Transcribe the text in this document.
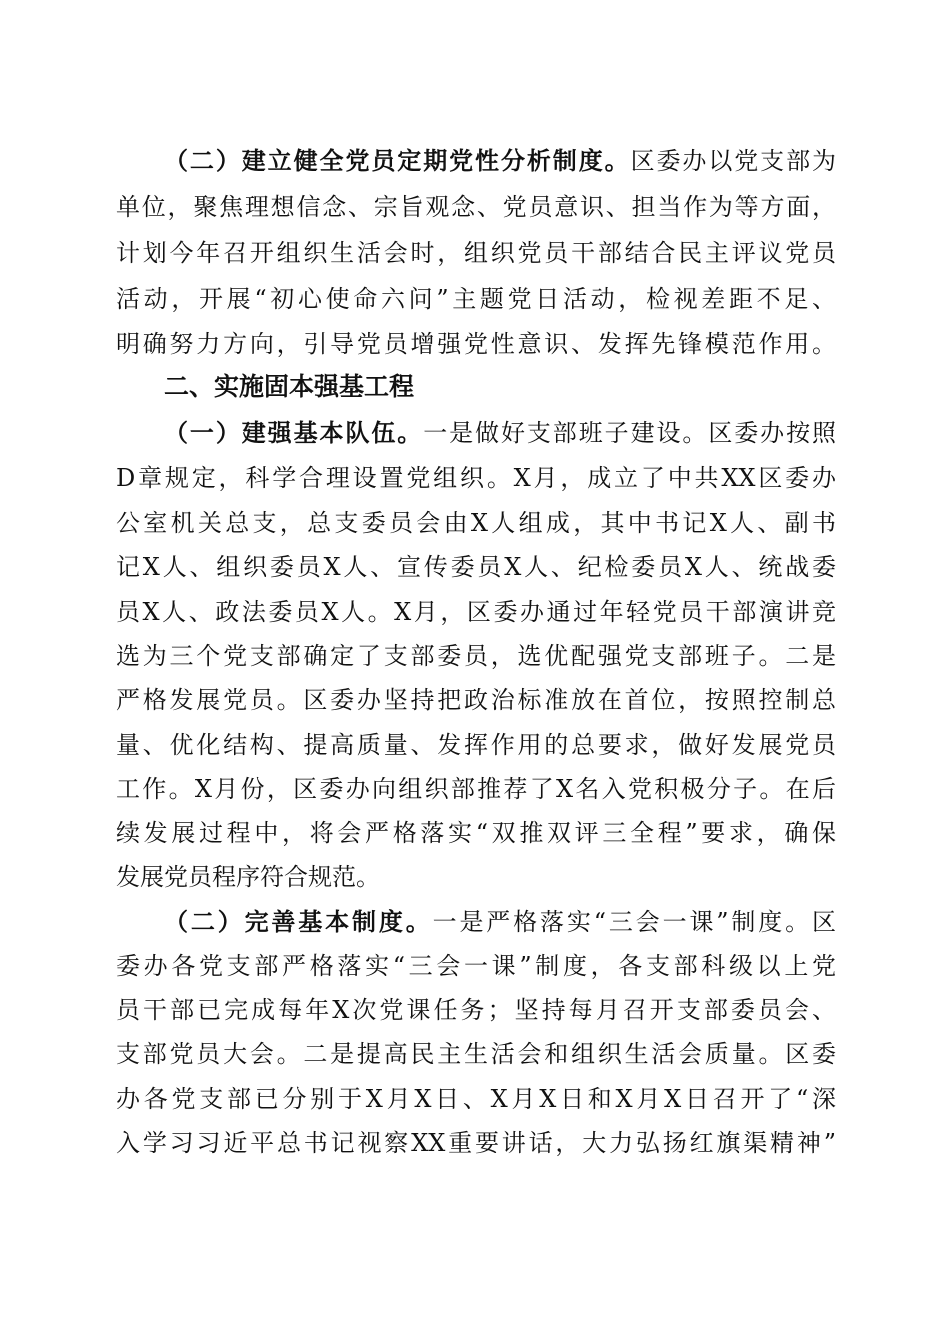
（二）建立健全党员定期党性分析制度。区委办以党支部为
单位，聚焦理想信念、宗旨观念、党员意识、担当作为等方面，
计划今年召开组织生活会时，组织党员干部结合民主评议党员
活动，开展“初心使命六问”主题党日活动，检视差距不足、
明确努力方向，引导党员增强党性意识、发挥先锋模范作用。
二、实施固本强基工程
（一）建强基本队伍。一是做好支部班子建设。区委办按照
D章规定，科学合理设置党组织。X月，成立了中共XX区委办
公室机关总支，总支委员会由X人组成，其中书记X人、副书
记X人、组织委员X人、宣传委员X人、纪检委员X人、统战委
员X人、政法委员X人。X月，区委办通过年轻党员干部演讲竞
选为三个党支部确定了支部委员，选优配强党支部班子。二是
严格发展党员。区委办坚持把政治标准放在首位，按照控制总
量、优化结构、提高质量、发挥作用的总要求，做好发展党员
工作。X月份，区委办向组织部推荐了X名入党积极分子。在后
续发展过程中，将会严格落实“双推双评三全程”要求，确保
发展党员程序符合规范。
（二）完善基本制度。一是严格落实“三会一课”制度。区
委办各党支部严格落实“三会一课”制度，各支部科级以上党
员干部已完成每年X次党课任务；坚持每月召开支部委员会、
支部党员大会。二是提高民主生活会和组织生活会质量。区委
办各党支部已分别于X月X日、X月X日和X月X日召开了“深
入学习习近平总书记视察XX重要讲话，大力弘扬红旗渠精神”
